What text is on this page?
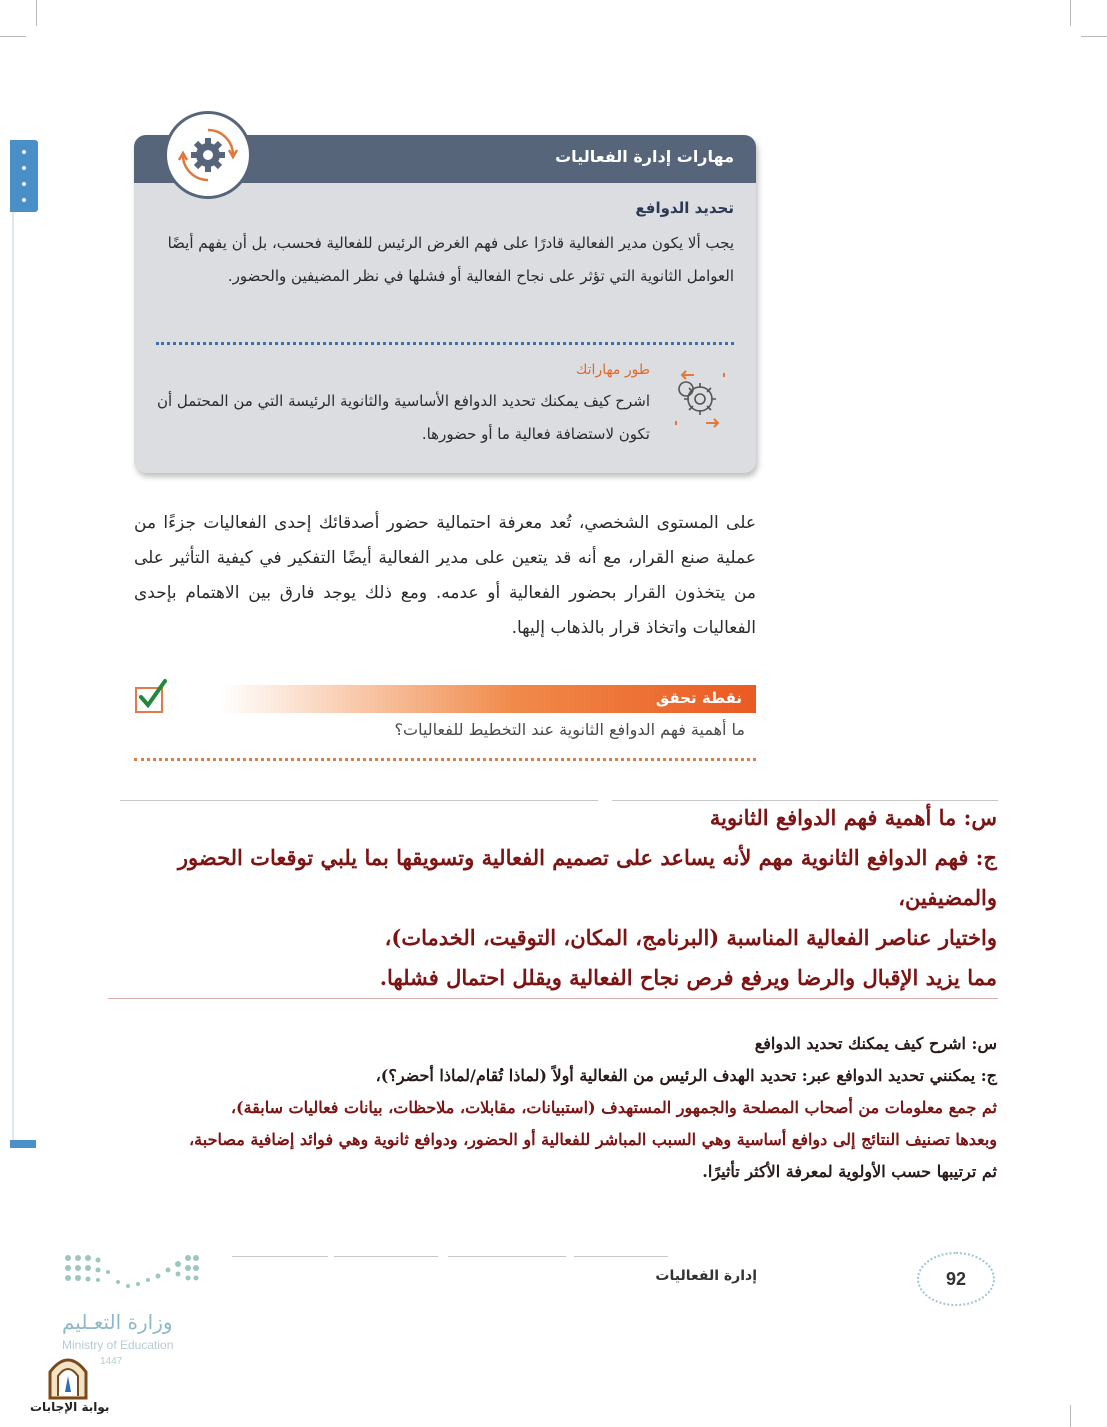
مهارات إدارة الفعاليات
تحديد الدوافع
يجب ألا يكون مدير الفعالية قادرًا على فهم الغرض الرئيس للفعالية فحسب، بل أن يفهم أيضًا العوامل الثانوية التي تؤثر على نجاح الفعالية أو فشلها في نظر المضيفين والحضور.
طور مهاراتك
اشرح كيف يمكنك تحديد الدوافع الأساسية والثانوية الرئيسة التي من المحتمل أن تكون لاستضافة فعالية ما أو حضورها.
على المستوى الشخصي، تُعد معرفة احتمالية حضور أصدقائك إحدى الفعاليات جزءًا من عملية صنع القرار، مع أنه قد يتعين على مدير الفعالية أيضًا التفكير في كيفية التأثير على من يتخذون القرار بحضور الفعالية أو عدمه. ومع ذلك يوجد فارق بين الاهتمام بإحدى الفعاليات واتخاذ قرار بالذهاب إليها.
نقطة تحقق
ما أهمية فهم الدوافع الثانوية عند التخطيط للفعاليات؟
س: ما أهمية فهم الدوافع الثانوية
ج: فهم الدوافع الثانوية مهم لأنه يساعد على تصميم الفعالية وتسويقها بما يلبي توقعات الحضور والمضيفين،
واختيار عناصر الفعالية المناسبة (البرنامج، المكان، التوقيت، الخدمات)،
مما يزيد الإقبال والرضا ويرفع فرص نجاح الفعالية ويقلل احتمال فشلها.
س: اشرح كيف يمكنك تحديد الدوافع
ج: يمكنني تحديد الدوافع عبر: تحديد الهدف الرئيس من الفعالية أولاً (لماذا تُقام/لماذا أحضر؟)،
ثم جمع معلومات من أصحاب المصلحة والجمهور المستهدف (استبيانات، مقابلات، ملاحظات، بيانات فعاليات سابقة)،
وبعدها تصنيف النتائج إلى دوافع أساسية وهي السبب المباشر للفعالية أو الحضور، ودوافع ثانوية وهي فوائد إضافية مصاحبة،
ثم ترتيبها حسب الأولوية لمعرفة الأكثر تأثيرًا.
إدارة الفعاليات	92
وزارة التعـليم
Ministry of Education
1447
بوابة الإجابات
